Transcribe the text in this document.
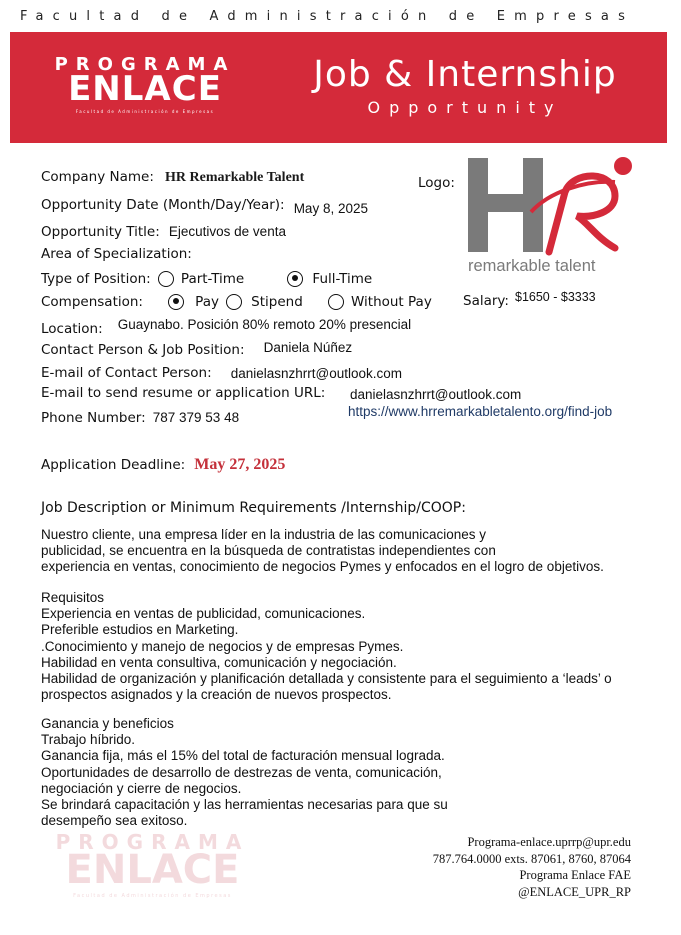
Facultad de Administración de Empresas
PROGRAMA
ENLACE
Facultad de Administración de Empresas
Job & Internship
Opportunity
Company Name: HR Remarkable Talent
Opportunity Date (Month/Day/Year): $_{May 8, 2025}$
Opportunity Title: Ejecutivos de venta
Area of Specialization:
Type of Position: Part-Time	Full-Time
Compensation:	Pay Stipend	Without Pay Salary: $1650 - $3333
$_{Location:}$ Guaynabo. Posición 80% remoto 20% presencial
Contact Person & Job Position: Daniela Núñez
E-mail of Contact Person: danielasnzhrrt@outlook.com
E-mail to send resume or application URL: danielasnzhrrt@outlook.com
https://www.hrremarkabletalento.org/find-job
Phone Number: 787 379 53 48
Logo:
remarkable talent
Application Deadline: May 27, 2025
Job Description or Minimum Requirements /Internship/COOP:
Nuestro cliente, una empresa líder en la industria de las comunicaciones y
publicidad, se encuentra en la búsqueda de contratistas independientes con
experiencia en ventas, conocimiento de negocios Pymes y enfocados en el logro de objetivos.
Requisitos
Experiencia en ventas de publicidad, comunicaciones.
Preferible estudios en Marketing.
.Conocimiento y manejo de negocios y de empresas Pymes.
Habilidad en venta consultiva, comunicación y negociación.
Habilidad de organización y planificación detallada y consistente para el seguimiento a ‘leads’ o
prospectos asignados y la creación de nuevos prospectos.
Ganancia y beneficios
Trabajo híbrido.
Ganancia fija, más el 15% del total de facturación mensual lograda.
Oportunidades de desarrollo de destrezas de venta, comunicación,
negociación y cierre de negocios.
Se brindará capacitación y las herramientas necesarias para que su
desempeño sea exitoso.
PROGRAMA
ENLACE
Facultad de Administración de Empresas
Programa-enlace.uprrp@upr.edu
787.764.0000 exts. 87061, 8760, 87064
Programa Enlace FAE
@ENLACE_UPR_RP
